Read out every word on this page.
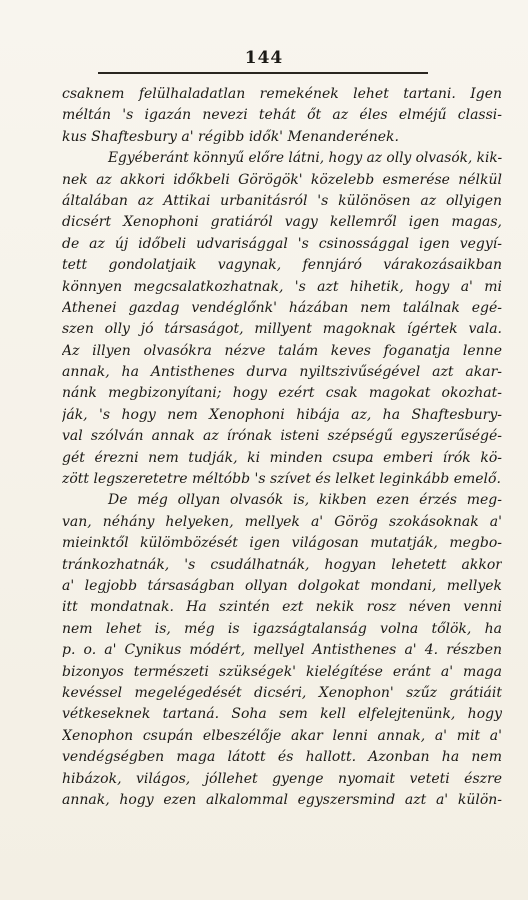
144
csaknem felülhaladatlan remekének lehet tartani. Igen
méltán 's igazán nevezi tehát őt az éles elméjű classi-
kus Shaftesbury a' régibb idők' Menanderének.
Egyéberánt könnyű előre látni, hogy az olly olvasók, kik-
nek az akkori időkbeli Görögök' közelebb esmerése nélkül
általában az Attikai urbanitásról 's különösen az ollyigen
dicsért Xenophoni gratiáról vagy kellemről igen magas,
de az új időbeli udvarisággal 's csinossággal igen vegyí-
tett gondolatjaik vagynak, fennjáró várakozásaikban
könnyen megcsalatkozhatnak, 's azt hihetik, hogy a' mi
Athenei gazdag vendéglőnk' házában nem találnak egé-
szen olly jó társaságot, millyent magoknak ígértek vala.
Az illyen olvasókra nézve talám keves foganatja lenne
annak, ha Antisthenes durva nyiltszivűségével azt akar-
nánk megbizonyítani; hogy ezért csak magokat okozhat-
ják, 's hogy nem Xenophoni hibája az, ha Shaftesbury-
val szólván annak az írónak isteni szépségű egyszerűségé-
gét érezni nem tudják, ki minden csupa emberi írók kö-
zött legszeretetre méltóbb 's szívet és lelket leginkább emelő.
De még ollyan olvasók is, kikben ezen érzés meg-
van, néhány helyeken, mellyek a' Görög szokásoknak a'
mieinktől külömbözését igen világosan mutatják, megbo-
tránkozhatnák, 's csudálhatnák, hogyan lehetett akkor
a' legjobb társaságban ollyan dolgokat mondani, mellyek
itt mondatnak. Ha szintén ezt nekik rosz néven venni
nem lehet is, még is igazságtalanság volna tőlök, ha
p. o. a' Cynikus módért, mellyel Antisthenes a' 4. részben
bizonyos természeti szükségek' kielégítése eránt a' maga
kevéssel megelégedését dicséri, Xenophon' szűz grátiáit
vétkeseknek tartaná. Soha sem kell elfelejtenünk, hogy
Xenophon csupán elbeszélője akar lenni annak, a' mit a'
vendégségben maga látott és hallott. Azonban ha nem
hibázok, világos, jóllehet gyenge nyomait veteti észre
annak, hogy ezen alkalommal egyszersmind azt a' külön-
